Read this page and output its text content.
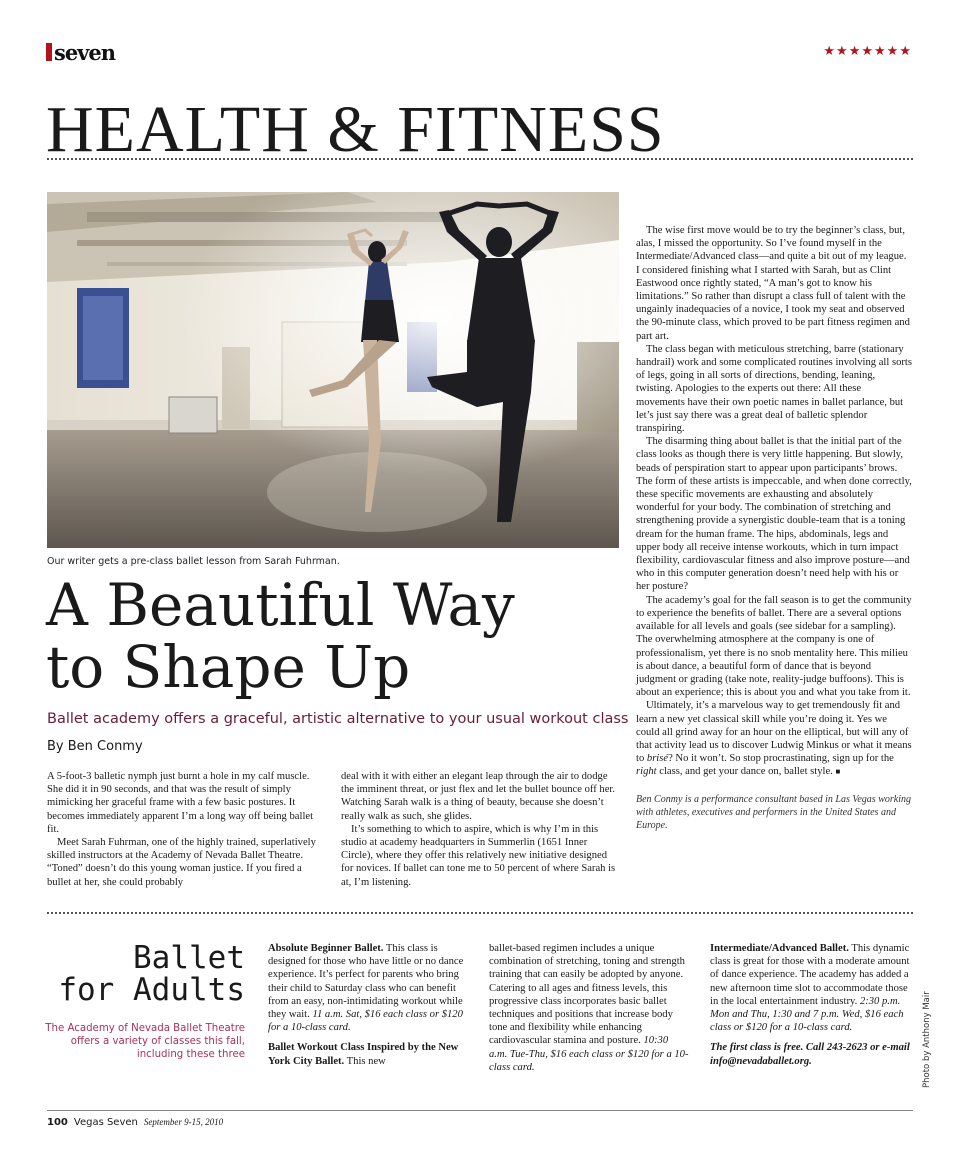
seven	★★★★★★★
HEALTH & FITNESS
Our writer gets a pre-class ballet lesson from Sarah Fuhrman.
A Beautiful Way
to Shape Up
Ballet academy offers a graceful, artistic alternative to your usual workout class
By Ben Conmy

A 5-foot-3 balletic nymph just burnt a hole in my calf muscle. She did it in 90 seconds, and that was the result of simply mimicking her graceful frame with a few basic postures. It becomes immediately apparent I’m a long way off being ballet fit.

Meet Sarah Fuhrman, one of the highly trained, superlatively skilled instructors at the Academy of Nevada Ballet Theatre. “Toned” doesn’t do this young woman justice. If you fired a bullet at her, she could probably

deal with it with either an elegant leap through the air to dodge the imminent threat, or just flex and let the bullet bounce off her. Watching Sarah walk is a thing of beauty, because she doesn’t really walk as such, she glides.

It’s something to which to aspire, which is why I’m in this studio at academy headquarters in Summerlin (1651 Inner Circle), where they offer this relatively new initiative designed for novices. If ballet can tone me to 50 percent of where Sarah is at, I’m listening.

The wise first move would be to try the beginner’s class, but, alas, I missed the opportunity. So I’ve found myself in the Intermediate/Advanced class—and quite a bit out of my league. I considered finishing what I started with Sarah, but as Clint Eastwood once rightly stated, “A man’s got to know his limitations.” So rather than disrupt a class full of talent with the ungainly inadequacies of a novice, I took my seat and observed the 90-minute class, which proved to be part fitness regimen and part art.

The class began with meticulous stretching, barre (stationary handrail) work and some complicated routines involving all sorts of legs, going in all sorts of directions, bending, leaning, twisting. Apologies to the experts out there: All these movements have their own poetic names in ballet parlance, but let’s just say there was a great deal of balletic splendor transpiring.

The disarming thing about ballet is that the initial part of the class looks as though there is very little happening. But slowly, beads of perspiration start to appear upon participants’ brows. The form of these artists is impeccable, and when done correctly, these specific movements are exhausting and absolutely wonderful for your body. The combination of stretching and strengthening provide a synergistic double-team that is a toning dream for the human frame. The hips, abdominals, legs and upper body all receive intense workouts, which in turn impact flexibility, cardiovascular fitness and also improve posture—and who in this computer generation doesn’t need help with his or her posture?

The academy’s goal for the fall season is to get the community to experience the benefits of ballet. There are a several options available for all levels and goals (see sidebar for a sampling). The overwhelming atmosphere at the company is one of professionalism, yet there is no snob mentality here. This milieu is about dance, a beautiful form of dance that is beyond judgment or grading (take note, reality-judge buffoons). This is about an experience; this is about you and what you take from it.

Ultimately, it’s a marvelous way to get tremendously fit and learn a new yet classical skill while you’re doing it. Yes we could all grind away for an hour on the elliptical, but will any of that activity lead us to discover Ludwig Minkus or what it means to brisé? No it won’t. So stop procrastinating, sign up for the right class, and get your dance on, ballet style. ■

Ben Conmy is a performance consultant based in Las Vegas working with athletes, executives and performers in the United States and Europe.

Ballet
for Adults
The Academy of Nevada Ballet Theatre offers a variety of classes this fall, including these three

Absolute Beginner Ballet. This class is designed for those who have little or no dance experience. It’s perfect for parents who bring their child to Saturday class who can benefit from an easy, non-intimidating workout while they wait. 11 a.m. Sat, $16 each class or $120 for a 10-class card.

Ballet Workout Class Inspired by the New York City Ballet. This new

ballet-based regimen includes a unique combination of stretching, toning and strength training that can easily be adopted by anyone. Catering to all ages and fitness levels, this progressive class incorporates basic ballet techniques and positions that increase body tone and flexibility while enhancing cardiovascular stamina and posture. 10:30 a.m. Tue-Thu, $16 each class or $120 for a 10-class card.

Intermediate/Advanced Ballet. This dynamic class is great for those with a moderate amount of dance experience. The academy has added a new afternoon time slot to accommodate those in the local entertainment industry. 2:30 p.m. Mon and Thu, 1:30 and 7 p.m. Wed, $16 each class or $120 for a 10-class card.

The first class is free. Call 243-2623 or e-mail info@nevadaballet.org.	Photo by Anthony Mair
100 Vegas Seven September 9-15, 2010
